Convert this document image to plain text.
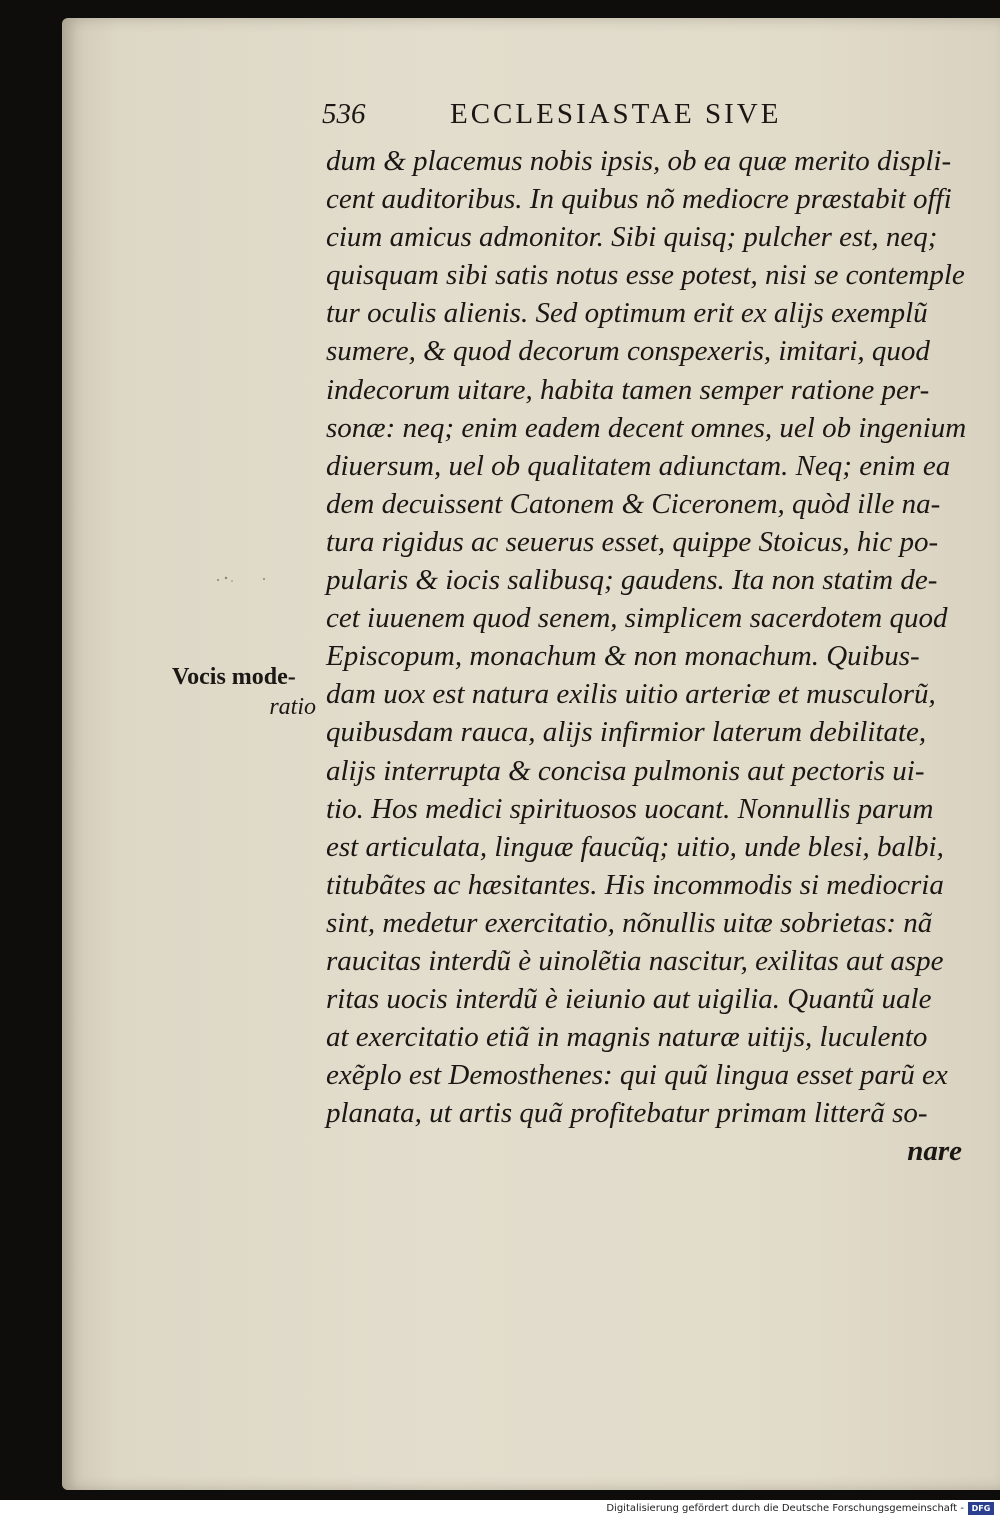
536	ECCLESIASTAE SIVE
dum & placemus nobis ipsis, ob ea quæ merito displi-
cent auditoribus. In quibus nõ mediocre præstabit offi
cium amicus admonitor. Sibi quisq; pulcher est, neq;
quisquam sibi satis notus esse potest, nisi se contemple
tur oculis alienis. Sed optimum erit ex alijs exemplũ
sumere, & quod decorum conspexeris, imitari, quod
indecorum uitare, habita tamen semper ratione per-
sonæ: neq; enim eadem decent omnes, uel ob ingenium
diuersum, uel ob qualitatem adiunctam. Neq; enim ea
dem decuissent Catonem & Ciceronem, quòd ille na-
tura rigidus ac seuerus esset, quippe Stoicus, hic po-
pularis & iocis salibusq; gaudens. Ita non statim de-
cet iuuenem quod senem, simplicem sacerdotem quod
Episcopum, monachum & non monachum. Quibus-
dam uox est natura exilis uitio arteriæ et musculorũ,
quibusdam rauca, alijs infirmior laterum debilitate,
alijs interrupta & concisa pulmonis aut pectoris ui-
tio. Hos medici spirituosos uocant. Nonnullis parum
est articulata, linguæ faucũq; uitio, unde blesi, balbi,
titubãtes ac hæsitantes. His incommodis si mediocria
sint, medetur exercitatio, nõnullis uitæ sobrietas: nã
raucitas interdũ è uinolẽtia nascitur, exilitas aut aspe
ritas uocis interdũ è ieiunio aut uigilia. Quantũ uale
at exercitatio etiã in magnis naturæ uitijs, luculento
exẽplo est Demosthenes: qui quũ lingua esset parũ ex
planata, ut artis quã profitebatur primam litterã so-
nare
Vocis mode-
ratio
Digitalisierung gefördert durch die Deutsche Forschungsgemeinschaft - DFG
